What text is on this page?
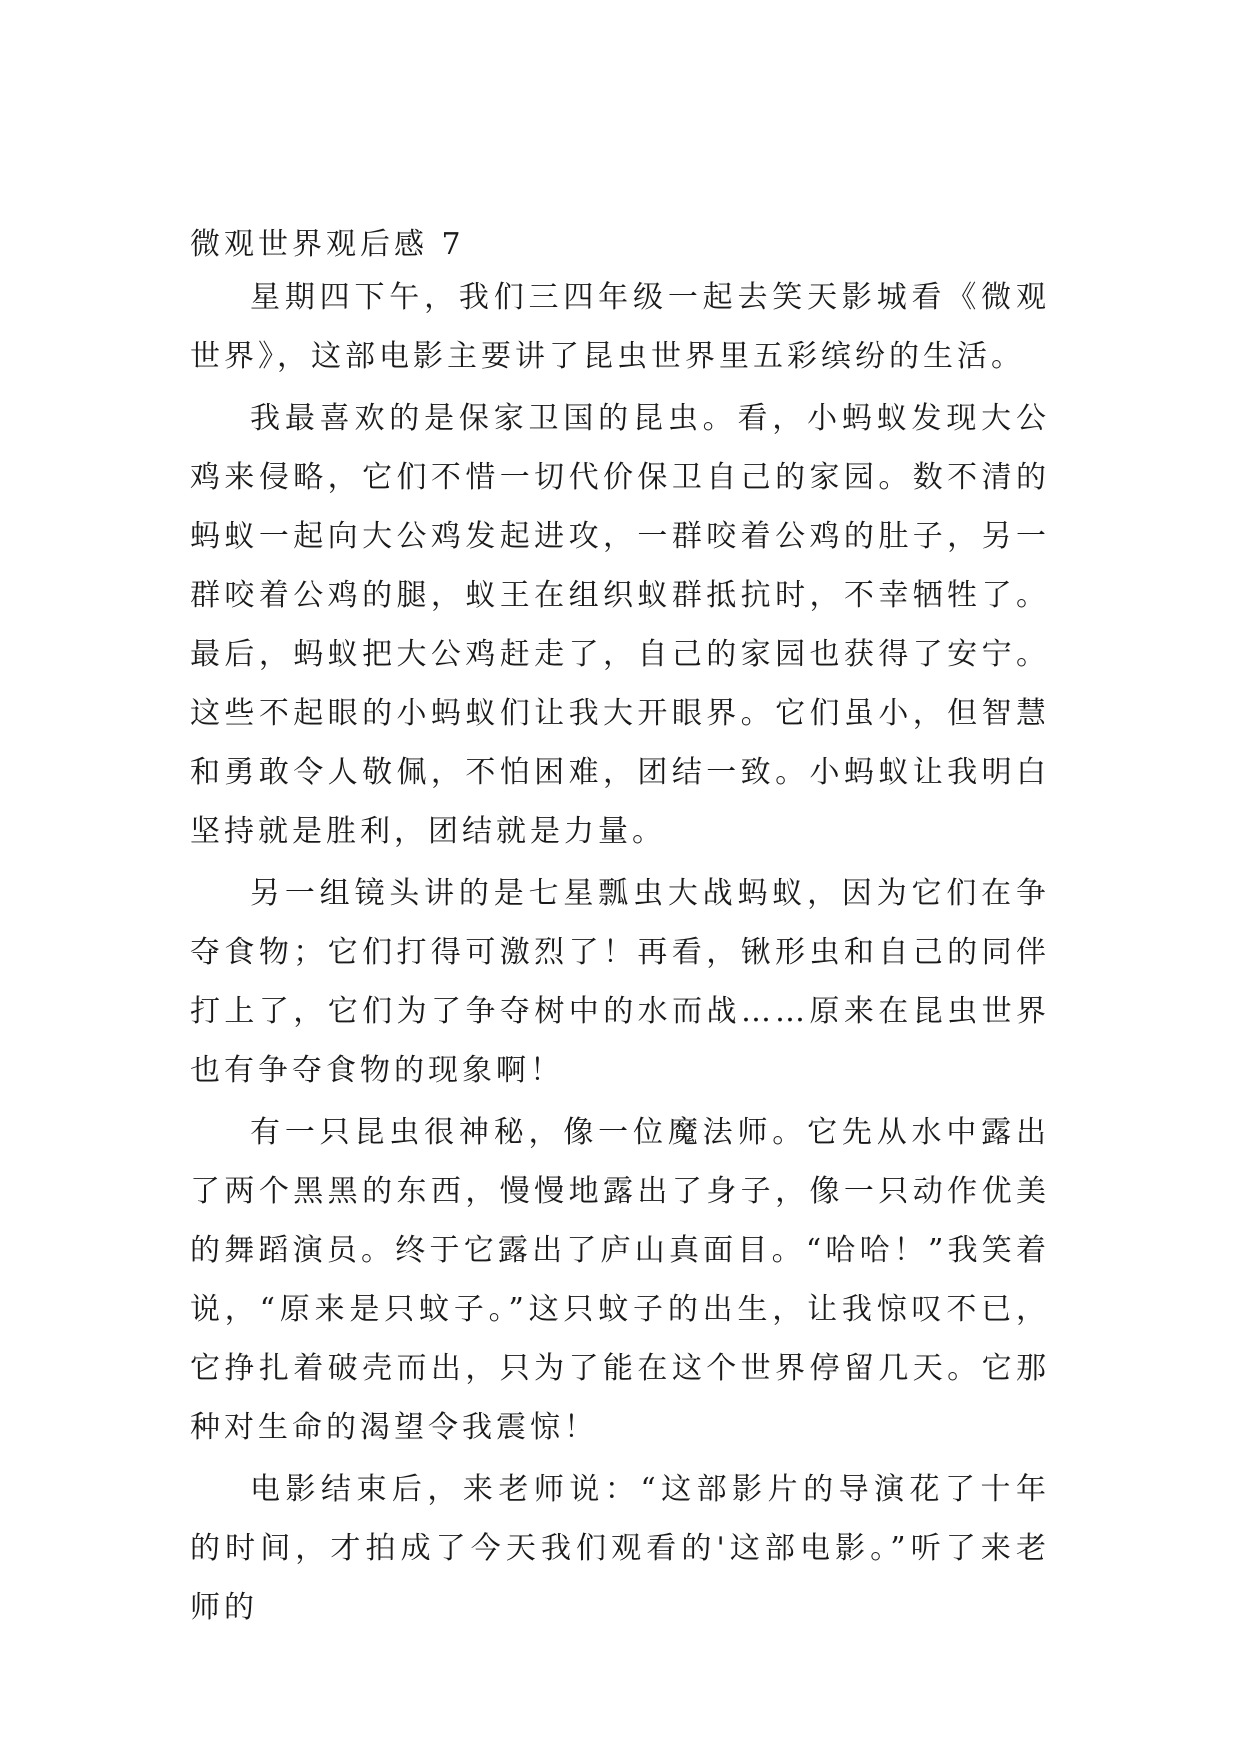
微观世界观后感 7

星期四下午，我们三四年级一起去笑天影城看《微观世界》，这部电影主要讲了昆虫世界里五彩缤纷的生活。

我最喜欢的是保家卫国的昆虫。看，小蚂蚁发现大公鸡来侵略，它们不惜一切代价保卫自己的家园。数不清的蚂蚁一起向大公鸡发起进攻，一群咬着公鸡的肚子，另一群咬着公鸡的腿，蚁王在组织蚁群抵抗时，不幸牺牲了。最后，蚂蚁把大公鸡赶走了，自己的家园也获得了安宁。这些不起眼的小蚂蚁们让我大开眼界。它们虽小，但智慧和勇敢令人敬佩，不怕困难，团结一致。小蚂蚁让我明白坚持就是胜利，团结就是力量。

另一组镜头讲的是七星瓢虫大战蚂蚁，因为它们在争夺食物；它们打得可激烈了！再看，锹形虫和自己的同伴打上了，它们为了争夺树中的水而战……原来在昆虫世界也有争夺食物的现象啊！

有一只昆虫很神秘，像一位魔法师。它先从水中露出了两个黑黑的东西，慢慢地露出了身子，像一只动作优美的舞蹈演员。终于它露出了庐山真面目。“哈哈！”我笑着说，“原来是只蚊子。”这只蚊子的出生，让我惊叹不已，它挣扎着破壳而出，只为了能在这个世界停留几天。它那种对生命的渴望令我震惊！

电影结束后，来老师说：“这部影片的导演花了十年的时间，才拍成了今天我们观看的'这部电影。”听了来老师的
